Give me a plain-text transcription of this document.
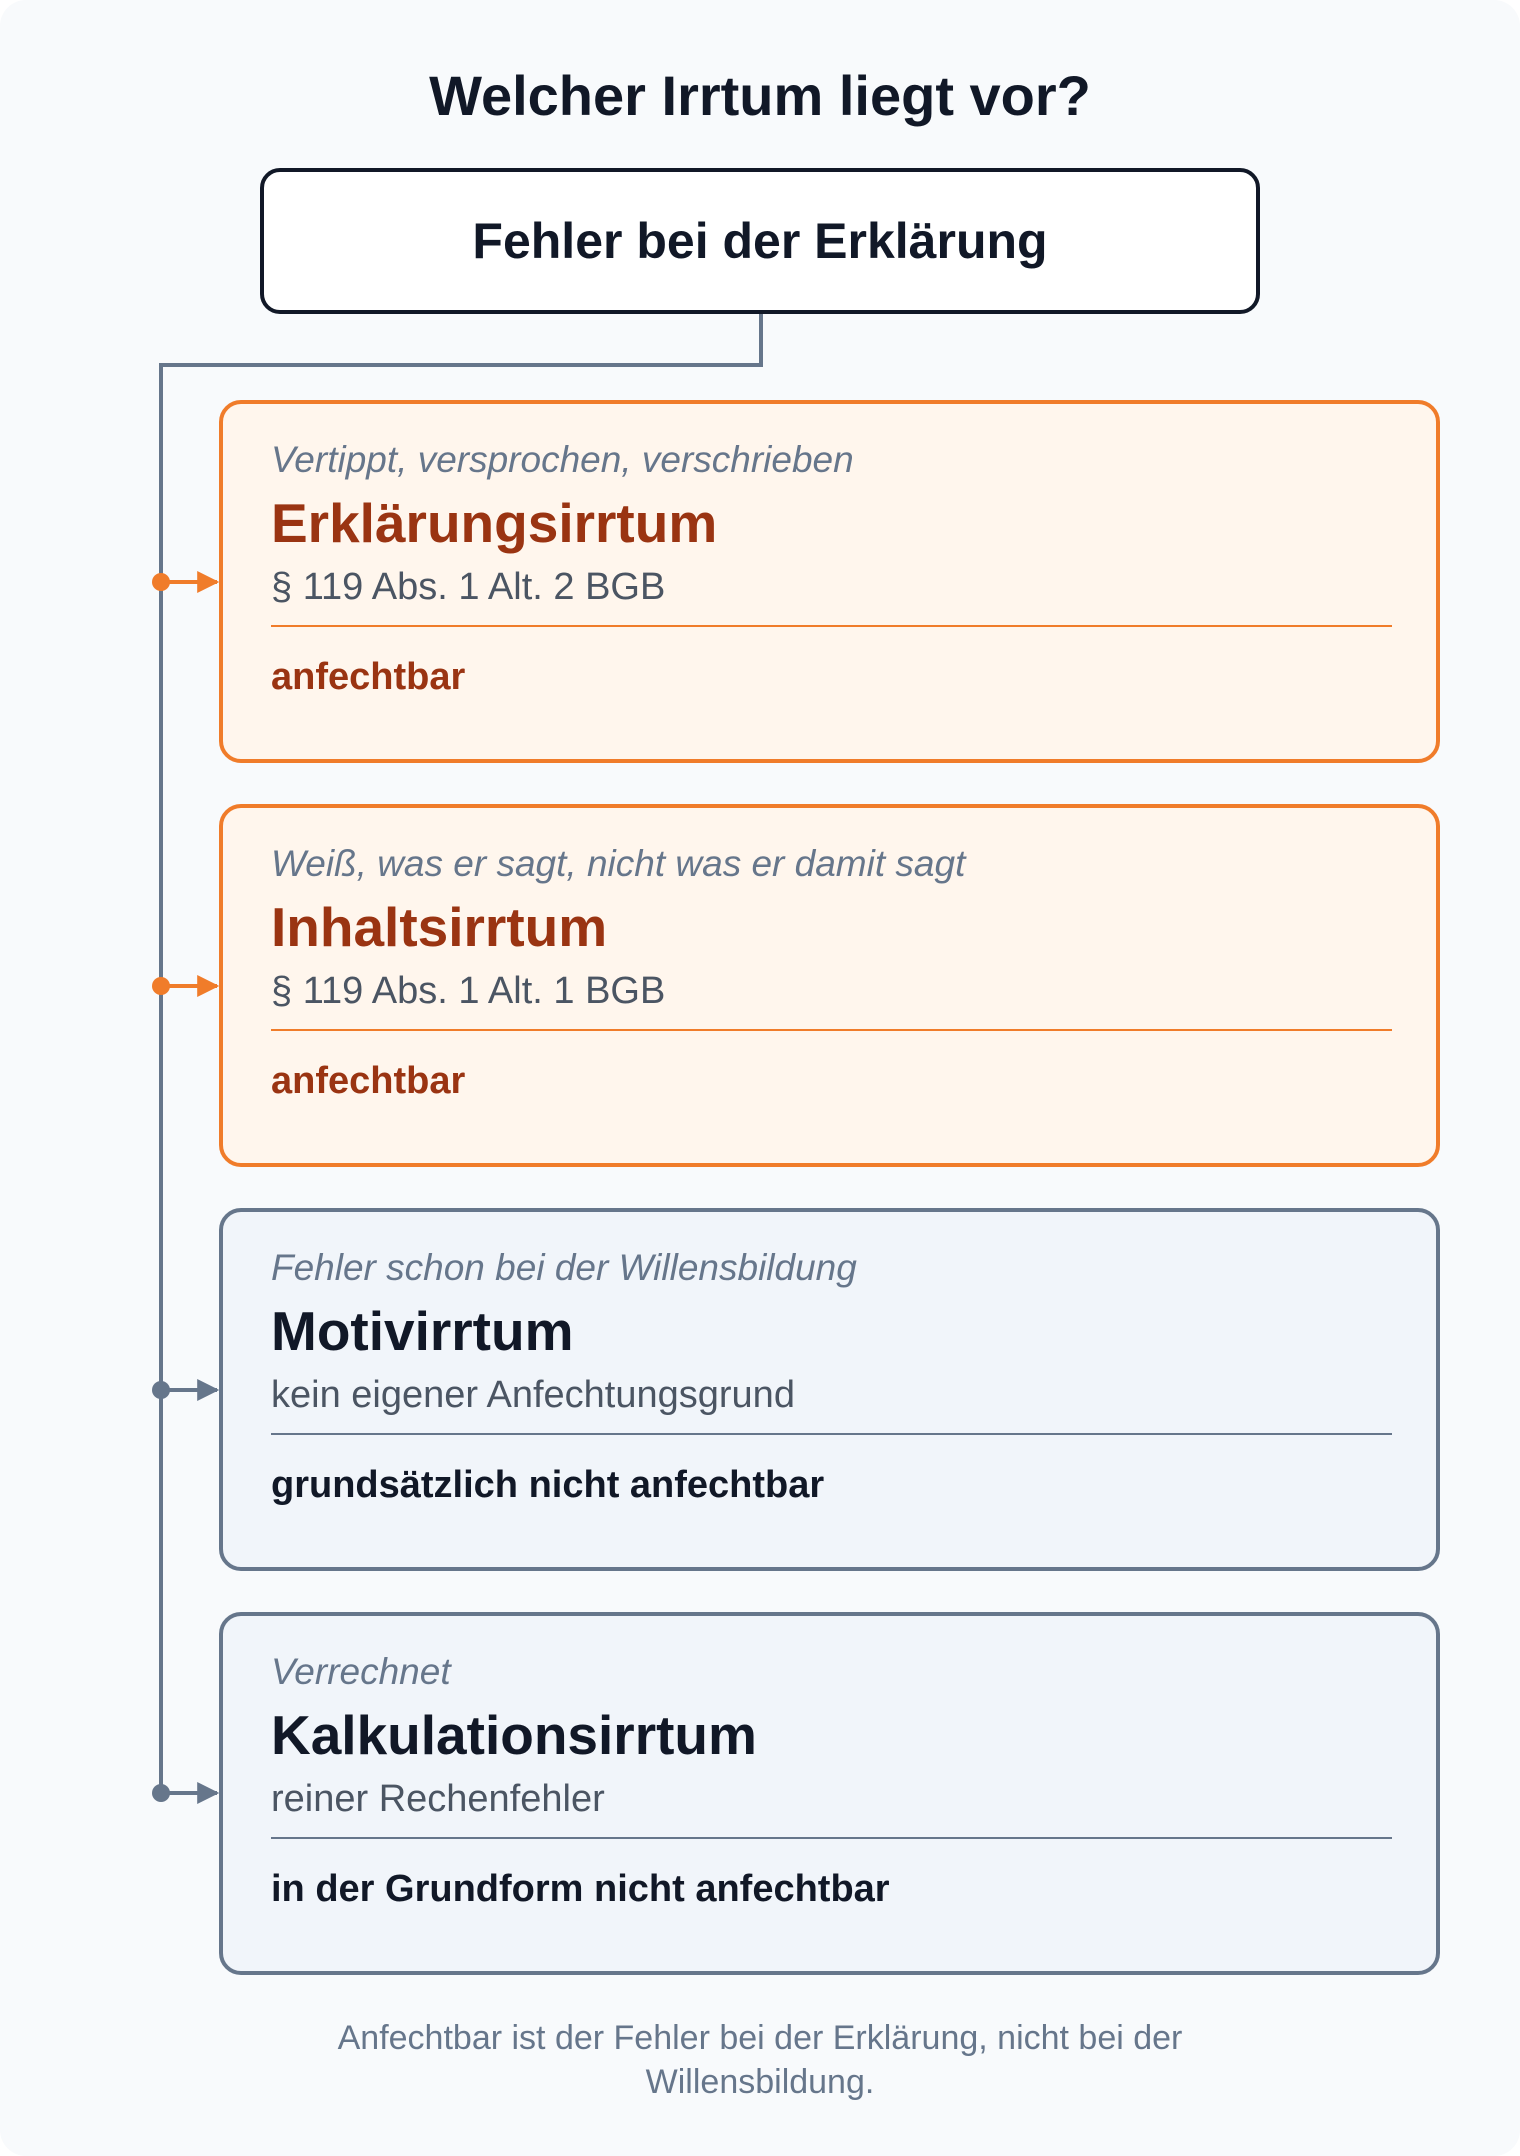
Welcher Irrtum liegt vor?
Fehler bei der Erklärung
Vertippt, versprochen, verschrieben
Erklärungsirrtum
§ 119 Abs. 1 Alt. 2 BGB
anfechtbar
Weiß, was er sagt, nicht was er damit sagt
Inhaltsirrtum
§ 119 Abs. 1 Alt. 1 BGB
anfechtbar
Fehler schon bei der Willensbildung
Motivirrtum
kein eigener Anfechtungsgrund
grundsätzlich nicht anfechtbar
Verrechnet
Kalkulationsirrtum
reiner Rechenfehler
in der Grundform nicht anfechtbar
Anfechtbar ist der Fehler bei der Erklärung, nicht bei der Willensbildung.
